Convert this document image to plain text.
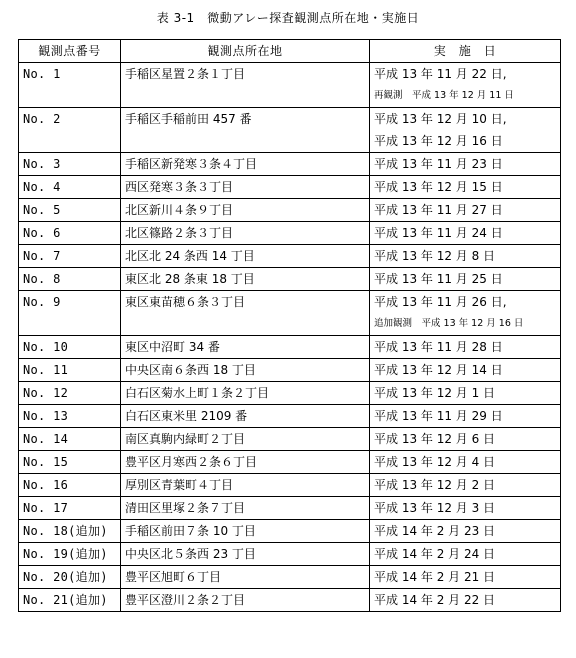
表 3-1　微動アレー探査観測点所在地・実施日
観測点番号	観測点所在地	実　施　日
No. 1	手稲区星置２条１丁目	平成 13 年 11 月 22 日,
再観測　平成 13 年 12 月 11 日

No. 2	手稲区手稲前田 457 番	平成 13 年 12 月 10 日,
平成 13 年 12 月 16 日

No. 3	手稲区新発寒３条４丁目	平成 13 年 11 月 23 日

No. 4	西区発寒３条３丁目	平成 13 年 12 月 15 日

No. 5	北区新川４条９丁目	平成 13 年 11 月 27 日

No. 6	北区篠路２条３丁目	平成 13 年 11 月 24 日

No. 7	北区北 24 条西 14 丁目	平成 13 年 12 月 8 日

No. 8	東区北 28 条東 18 丁目	平成 13 年 11 月 25 日

No. 9	東区東苗穂６条３丁目	平成 13 年 11 月 26 日,
追加観測　平成 13 年 12 月 16 日

No. 10	東区中沼町 34 番	平成 13 年 11 月 28 日

No. 11	中央区南６条西 18 丁目	平成 13 年 12 月 14 日

No. 12	白石区菊水上町１条２丁目	平成 13 年 12 月 1 日

No. 13	白石区東米里 2109 番	平成 13 年 11 月 29 日

No. 14	南区真駒内緑町２丁目	平成 13 年 12 月 6 日

No. 15	豊平区月寒西２条６丁目	平成 13 年 12 月 4 日

No. 16	厚別区青葉町４丁目	平成 13 年 12 月 2 日

No. 17	清田区里塚２条７丁目	平成 13 年 12 月 3 日

No. 18(追加)	手稲区前田７条 10 丁目	平成 14 年 2 月 23 日

No. 19(追加)	中央区北５条西 23 丁目	平成 14 年 2 月 24 日

No. 20(追加)	豊平区旭町６丁目	平成 14 年 2 月 21 日

No. 21(追加)	豊平区澄川２条２丁目	平成 14 年 2 月 22 日
